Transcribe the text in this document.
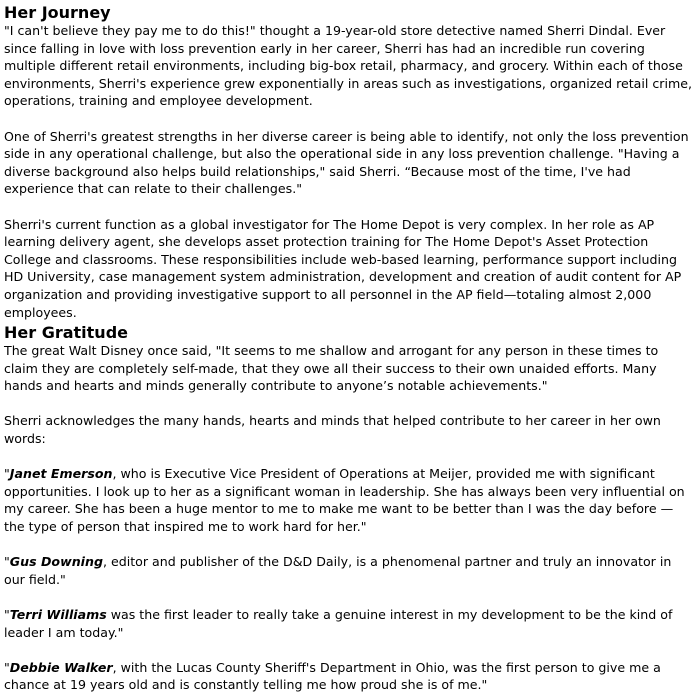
Her Journey

"I can't believe they pay me to do this!" thought a 19-year-old store detective named Sherri Dindal. Ever since falling in love with loss prevention early in her career, Sherri has had an incredible run covering multiple different retail environments, including big-box retail, pharmacy, and grocery. Within each of those environments, Sherri's experience grew exponentially in areas such as investigations, organized retail crime, operations, training and employee development.

One of Sherri's greatest strengths in her diverse career is being able to identify, not only the loss prevention side in any operational challenge, but also the operational side in any loss prevention challenge. "Having a diverse background also helps build relationships," said Sherri. “Because most of the time, I've had experience that can relate to their challenges."

Sherri's current function as a global investigator for The Home Depot is very complex. In her role as AP learning delivery agent, she develops asset protection training for The Home Depot's Asset Protection College and classrooms. These responsibilities include web-based learning, performance support including HD University, case management system administration, development and creation of audit content for AP organization and providing investigative support to all personnel in the AP field—totaling almost 2,000 employees.

Her Gratitude

The great Walt Disney once said, "It seems to me shallow and arrogant for any person in these times to claim they are completely self-made, that they owe all their success to their own unaided efforts. Many hands and hearts and minds generally contribute to anyone’s notable achievements."

Sherri acknowledges the many hands, hearts and minds that helped contribute to her career in her own words:

"Janet Emerson, who is Executive Vice President of Operations at Meijer, provided me with significant opportunities. I look up to her as a significant woman in leadership. She has always been very influential on my career. She has been a huge mentor to me to make me want to be better than I was the day before — the type of person that inspired me to work hard for her."

"Gus Downing, editor and publisher of the D&D Daily, is a phenomenal partner and truly an innovator in our field."

"Terri Williams was the first leader to really take a genuine interest in my development to be the kind of leader I am today."

"Debbie Walker, with the Lucas County Sheriff's Department in Ohio, was the first person to give me a chance at 19 years old and is constantly telling me how proud she is of me."
